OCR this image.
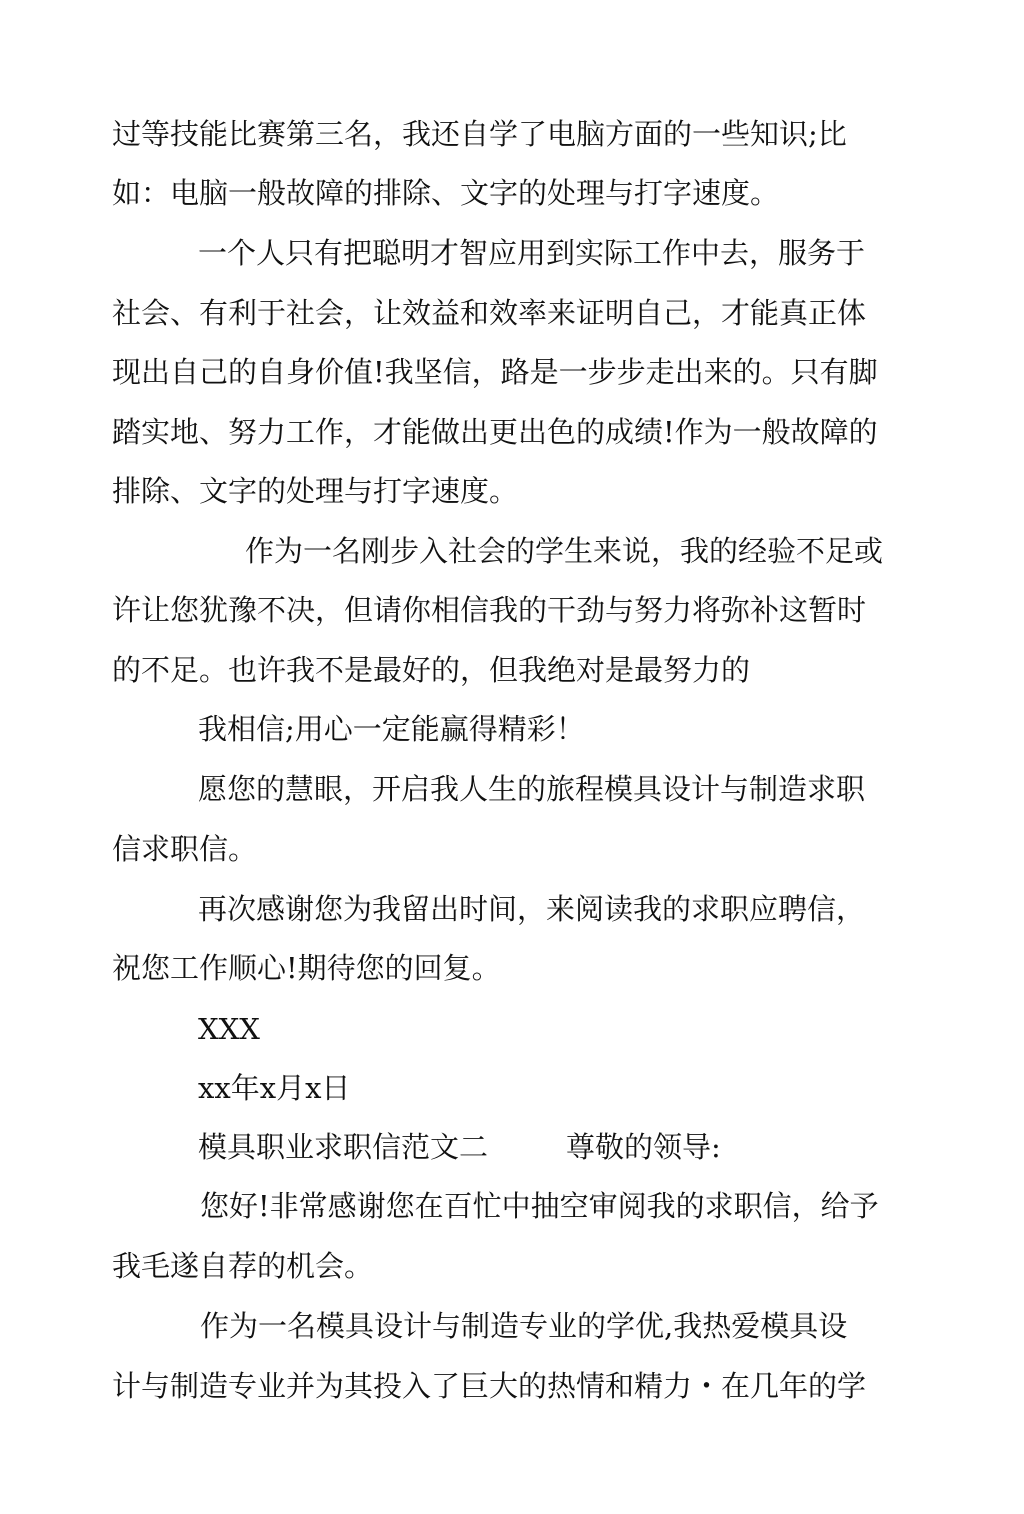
过等技能比赛第三名，我还自学了电脑方面的一些知识;比
如：电脑一般故障的排除、文字的处理与打字速度。
一个人只有把聪明才智应用到实际工作中去，服务于
社会、有利于社会，让效益和效率来证明自己，才能真正体
现出自己的自身价值!我坚信，路是一步步走出来的。只有脚
踏实地、努力工作，才能做出更出色的成绩!作为一般故障的
排除、文字的处理与打字速度。
作为一名刚步入社会的学生来说，我的经验不足或
许让您犹豫不决，但请你相信我的干劲与努力将弥补这暂时
的不足。也许我不是最好的，但我绝对是最努力的
我相信;用心一定能赢得精彩！
愿您的慧眼，开启我人生的旅程模具设计与制造求职
信求职信。
再次感谢您为我留出时间，来阅读我的求职应聘信，
祝您工作顺心!期待您的回复。
XXX
xx年x月x日
模具职业求职信范文二	尊敬的领导:
您好!非常感谢您在百忙中抽空审阅我的求职信，给予
我毛遂自荐的机会。
作为一名模具设计与制造专业的学优,我热爱模具设
计与制造专业并为其投入了巨大的热情和精力・在几年的学
